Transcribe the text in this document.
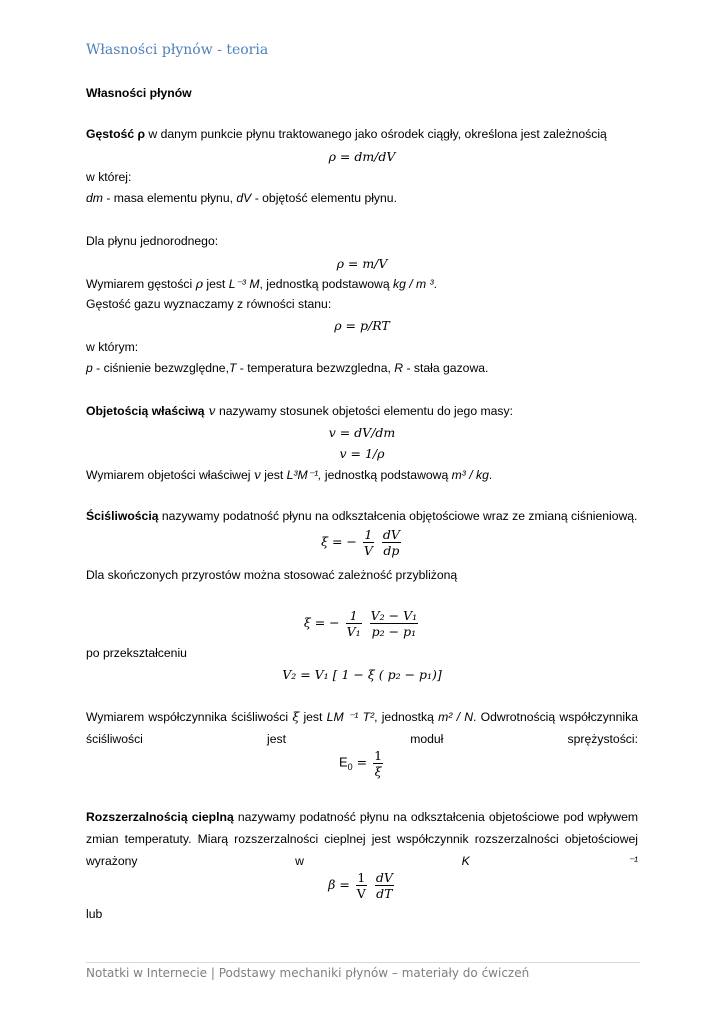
Własności płynów - teoria
Własności płynów
Gęstość ρ w danym punkcie płynu traktowanego jako ośrodek ciągły, określona jest zależnością
ρ = dm/dV
w której:
dm - masa elementu płynu, dV - objętość elementu płynu.
Dla płynu jednorodnego:
ρ = m/V
Wymiarem gęstości ρ jest L⁻³ M, jednostką podstawową kg / m ³.
Gęstość gazu wyznaczamy z równości stanu:
ρ = p/RT
w którym:
p - ciśnienie bezwzględne,T - temperatura bezwzgledna, R - stała gazowa.
Objetością właściwą v nazywamy stosunek objetości elementu do jego masy:
v = dV/dm
v = 1/ρ
Wymiarem objetości właściwej v jest L³M⁻¹, jednostką podstawową m³ / kg.
Ściśliwością nazywamy podatność płynu na odkształcenia objętościowe wraz ze zmianą ciśnieniową.
ξ = − $\frac{1}{V}$
$\frac{dV}{dp}$
Dla skończonych przyrostów można stosować zależność przybliżoną
ξ = − $\frac{1}{\text{V₁}}$
$\frac{\text{V₂ − V₁}}{\text{p₂ − p₁}}$
po przekształceniu
V₂ = V₁ [ 1 − ξ ( p₂ − p₁)]
Wymiarem współczynnika ściśliwości ξ jest LM ⁻¹ T², jednostką m² / N. Odwrotnością współczynnika ściśliwości jest moduł sprężystości:
$E_0 = \frac{1}{\xi}$
Rozszerzalnością cieplną nazywamy podatność płynu na odkształcenia objetościowe pod wpływem zmian temperatuty. Miarą rozszerzalności cieplnej jest współczynnik rozszerzalności objetościowej wyrażony w K ⁻¹
$\beta = \frac{1}{V}$
$\frac{dV}{dT}$
lub
Notatki w Internecie | Podstawy mechaniki płynów – materiały do ćwiczeń
